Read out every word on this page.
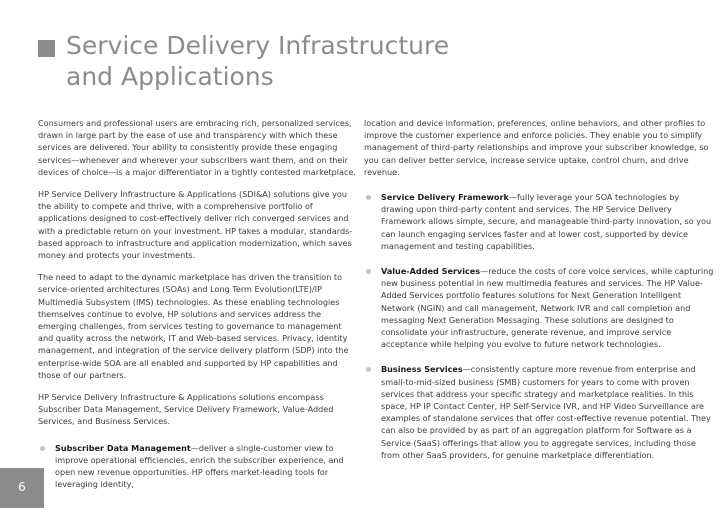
Service Delivery Infrastructure
and Applications

Consumers and professional users are embracing rich, personalized services, drawn in large part by the ease of use and transparency with which these services are delivered. Your ability to consistently provide these engaging services—whenever and wherever your subscribers want them, and on their devices of choice—is a major differentiator in a tightly contested marketplace.

HP Service Delivery Infrastructure & Applications (SDI&A) solutions give you the ability to compete and thrive, with a comprehensive portfolio of applications designed to cost-effectively deliver rich converged services and with a predictable return on your investment. HP takes a modular, standards-based approach to infrastructure and application modernization, which saves money and protects your investments.

The need to adapt to the dynamic marketplace has driven the transition to service-oriented architectures (SOAs) and Long Term Evolution(LTE)/IP Multimedia Subsystem (IMS) technologies. As these enabling technologies themselves continue to evolve, HP solutions and services address the emerging challenges, from services testing to governance to management and quality across the network, IT and Web-based services. Privacy, identity management, and integration of the service delivery platform (SDP) into the enterprise-wide SOA are all enabled and supported by HP capabilities and those of our partners.

HP Service Delivery Infrastructure & Applications solutions encompass Subscriber Data Management, Service Delivery Framework, Value-Added Services, and Business Services.

Subscriber Data Management—deliver a single-customer view to improve operational efficiencies, enrich the subscriber experience, and open new revenue opportunities. HP offers market-leading tools for leveraging identity,

location and device information, preferences, online behaviors, and other profiles to improve the customer experience and enforce policies. They enable you to simplify management of third-party relationships and improve your subscriber knowledge, so you can deliver better service, increase service uptake, control churn, and drive revenue.

Service Delivery Framework—fully leverage your SOA technologies by drawing upon third-party content and services. The HP Service Delivery Framework allows simple, secure, and manageable third-party innovation, so you can launch engaging services faster and at lower cost, supported by device management and testing capabilities.
Value-Added Services—reduce the costs of core voice services, while capturing new business potential in new multimedia features and services. The HP Value-Added Services portfolio features solutions for Next Generation Intelligent Network (NGIN) and call management, Network IVR and call completion and messaging Next Generation Messaging. These solutions are designed to consolidate your infrastructure, generate revenue, and improve service acceptance while helping you evolve to future network technologies.
Business Services—consistently capture more revenue from enterprise and small-to-mid-sized business (SMB) customers for years to come with proven services that address your specific strategy and marketplace realities. In this space, HP IP Contact Center, HP Self-Service IVR, and HP Video Surveillance are examples of standalone services that offer cost-effective revenue potential. They can also be provided by as part of an aggregation platform for Software as a Service (SaaS) offerings that allow you to aggregate services, including those from other SaaS providers, for genuine marketplace differentiation.
6
